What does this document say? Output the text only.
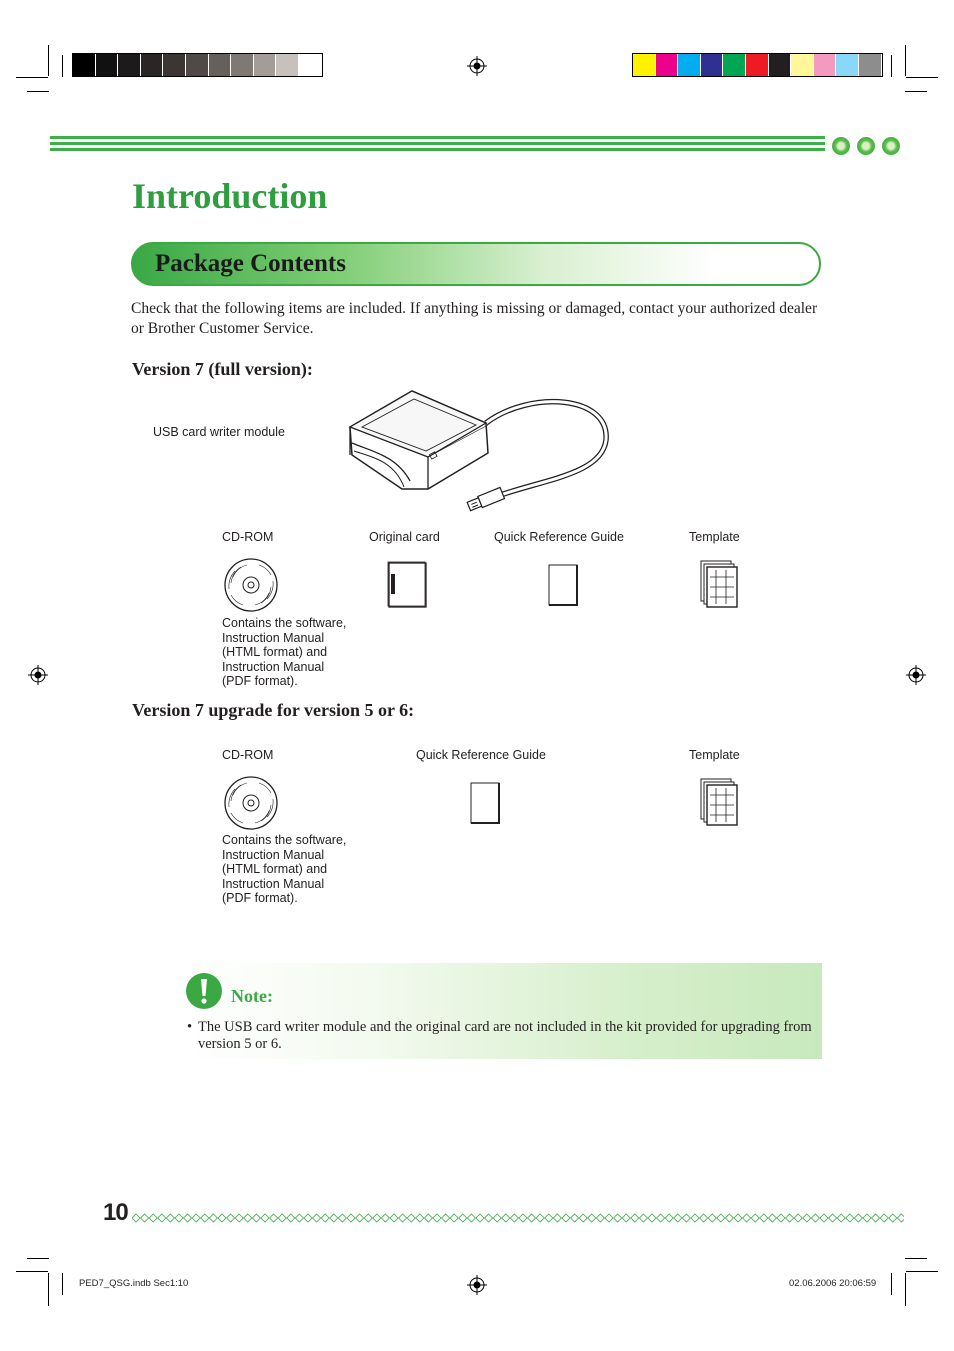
Introduction
Package Contents
Check that the following items are included. If anything is missing or damaged, contact your authorized dealer or Brother Customer Service.
Version 7 (full version):
USB card writer module
CD-ROM	Original card	Quick Reference Guide	Template
Contains the software,
Instruction Manual
(HTML format) and
Instruction Manual
(PDF format).
Version 7 upgrade for version 5 or 6:
CD-ROM	Quick Reference Guide	Template
Contains the software,
Instruction Manual
(HTML format) and
Instruction Manual
(PDF format).
Note:
• The USB card writer module and the original card are not included in the kit provided for upgrading from version 5 or 6.
10
PED7_QSG.indb Sec1:10	02.06.2006 20:06:59
